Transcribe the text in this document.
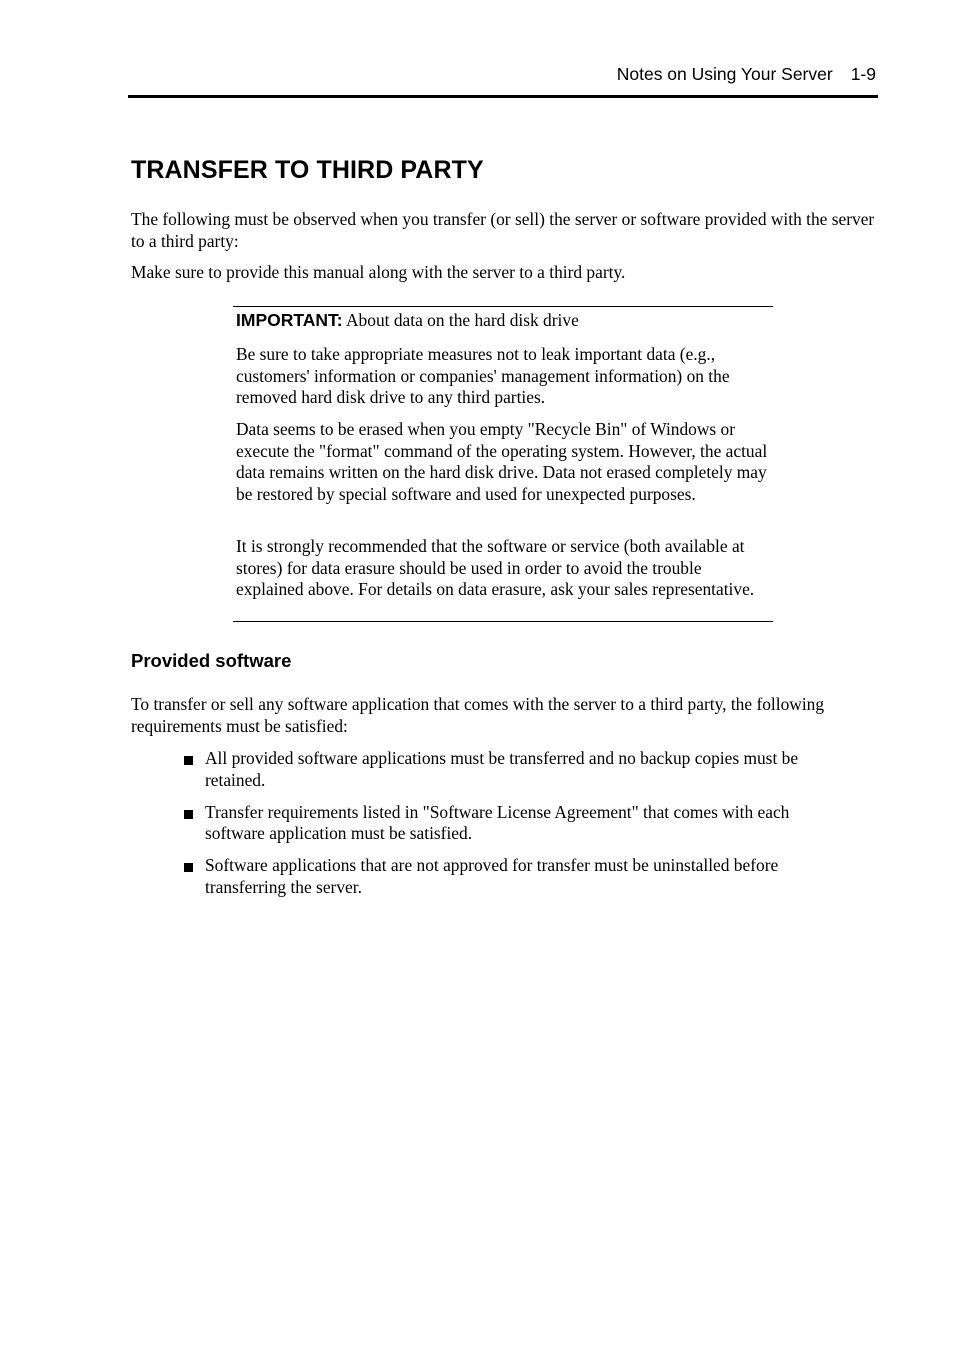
Notes on Using Your Server 1-9
TRANSFER TO THIRD PARTY

The following must be observed when you transfer (or sell) the server or software provided with the server to a third party:

Make sure to provide this manual along with the server to a third party.

IMPORTANT: About data on the hard disk drive

Be sure to take appropriate measures not to leak important data (e.g., customers' information or companies' management information) on the removed hard disk drive to any third parties.

Data seems to be erased when you empty "Recycle Bin" of Windows or execute the "format" command of the operating system. However, the actual data remains written on the hard disk drive. Data not erased completely may be restored by special software and used for unexpected purposes.

It is strongly recommended that the software or service (both available at stores) for data erasure should be used in order to avoid the trouble explained above. For details on data erasure, ask your sales representative.

Provided software

To transfer or sell any software application that comes with the server to a third party, the following requirements must be satisfied:

All provided software applications must be transferred and no backup copies must be retained.
Transfer requirements listed in "Software License Agreement" that comes with each software application must be satisfied.
Software applications that are not approved for transfer must be uninstalled before transferring the server.
